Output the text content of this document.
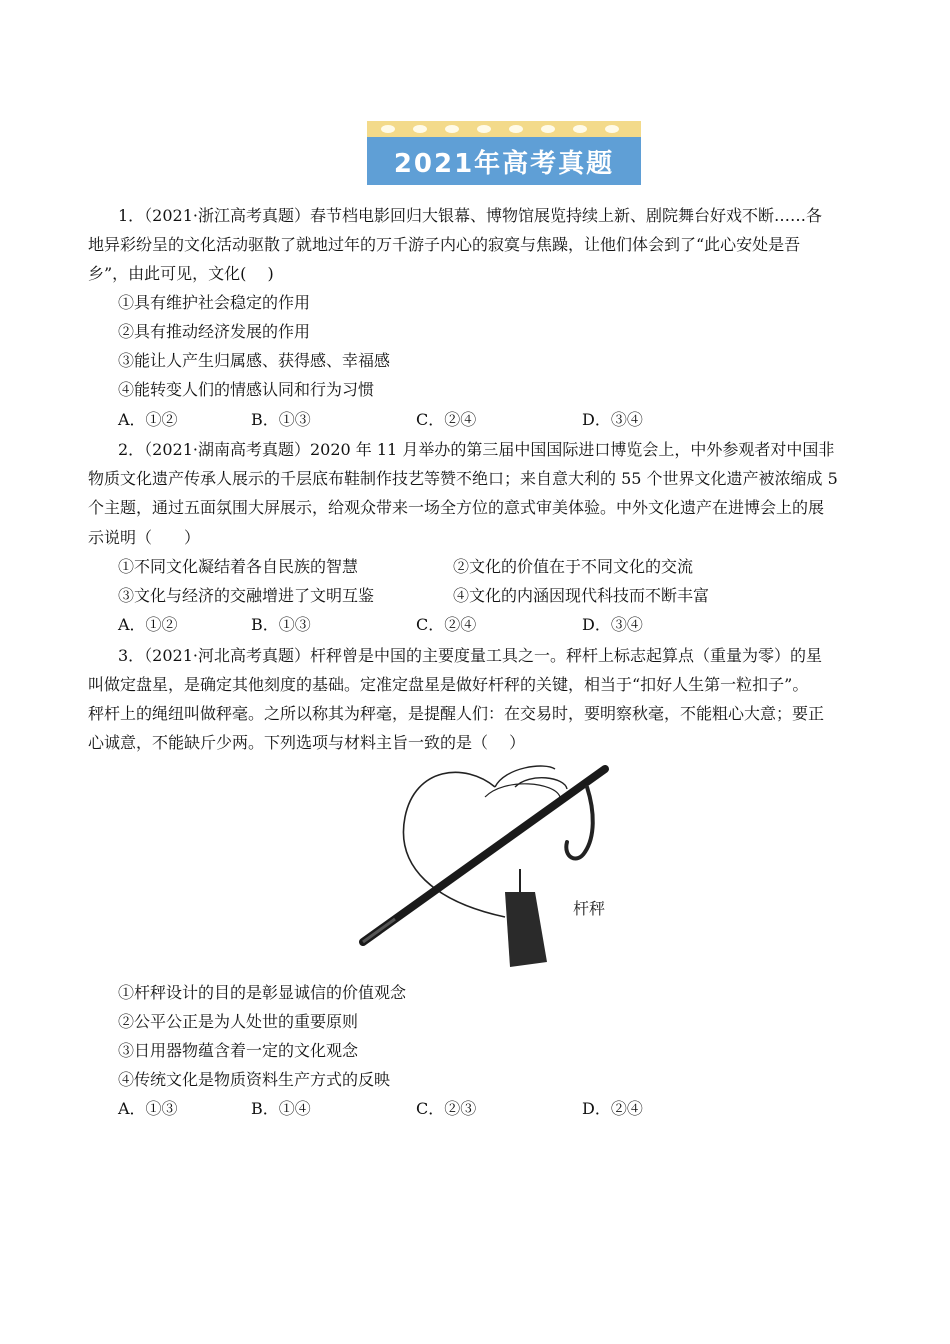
2021年高考真题
1．（2021·浙江高考真题）春节档电影回归大银幕、博物馆展览持续上新、剧院舞台好戏不断……各
地异彩纷呈的文化活动驱散了就地过年的万千游子内心的寂寞与焦躁，让他们体会到了“此心安处是吾
乡”，由此可见，文化(　 )
①具有维护社会稳定的作用
②具有推动经济发展的作用
③能让人产生归属感、获得感、幸福感
④能转变人们的情感认同和行为习惯
A．①②	B．①③	C．②④	D．③④
2．（2021·湖南高考真题）2020 年 11 月举办的第三届中国国际进口博览会上，中外参观者对中国非
物质文化遗产传承人展示的千层底布鞋制作技艺等赞不绝口；来自意大利的 55 个世界文化遗产被浓缩成 5
个主题，通过五面氛围大屏展示，给观众带来一场全方位的意式审美体验。中外文化遗产在进博会上的展
示说明（　　）
①不同文化凝结着各自民族的智慧	②文化的价值在于不同文化的交流
③文化与经济的交融增进了文明互鉴	④文化的内涵因现代科技而不断丰富
A．①②	B．①③	C．②④	D．③④
3．（2021·河北高考真题）杆秤曾是中国的主要度量工具之一。秤杆上标志起算点（重量为零）的星
叫做定盘星，是确定其他刻度的基础。定准定盘星是做好杆秤的关键，相当于“扣好人生第一粒扣子”。
秤杆上的绳纽叫做秤毫。之所以称其为秤毫，是提醒人们：在交易时，要明察秋毫，不能粗心大意；要正
心诚意，不能缺斤少两。下列选项与材料主旨一致的是（　 ）
杆秤
①杆秤设计的目的是彰显诚信的价值观念
②公平公正是为人处世的重要原则
③日用器物蕴含着一定的文化观念
④传统文化是物质资料生产方式的反映
A．①③	B．①④	C．②③	D．②④
